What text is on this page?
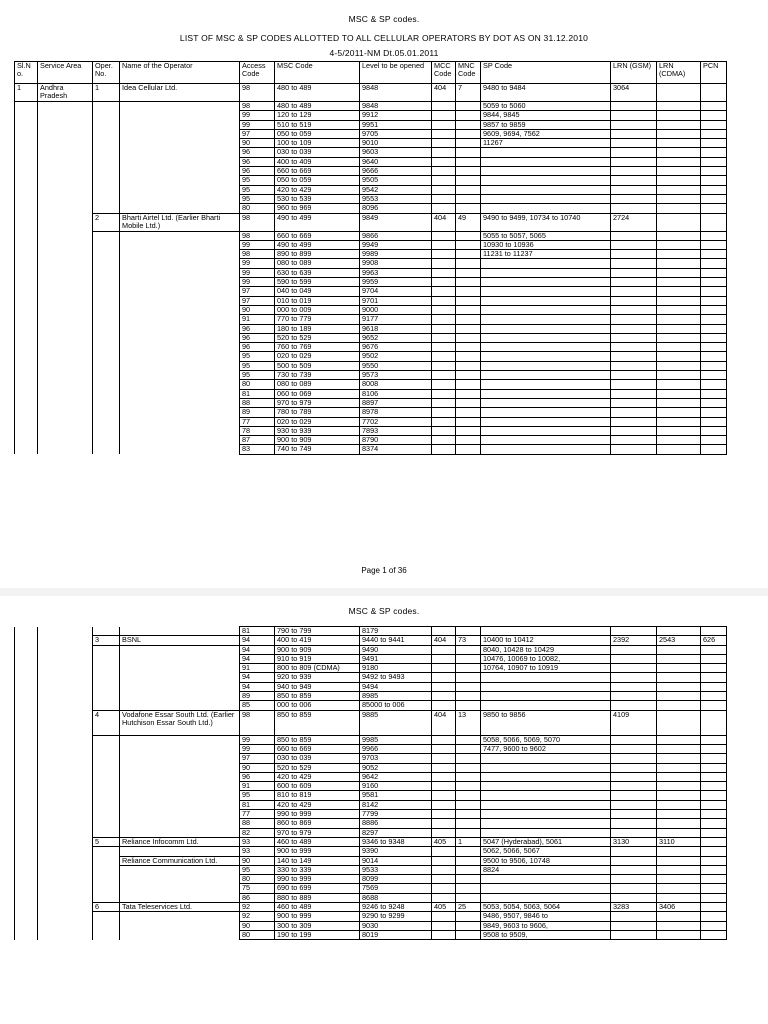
MSC & SP codes.
LIST OF MSC & SP CODES ALLOTTED TO ALL CELLULAR OPERATORS BY DOT AS ON 31.12.2010
4-5/2011-NM Dt.05.01.2011
Sl.N o.	Service Area	Oper. No.	Name of the Operator	Access Code	MSC Code	Level to be opened	MCC Code	MNC Code	SP Code	LRN (GSM)	LRN (CDMA)	PCN
1	Andhra Pradesh	1	Idea Cellular Ltd.	98	480 to 489	9848	404	7	9480 to 9484	3064		
				98	480 to 489	9848			5059 to 5060			
				99	120 to 129	9912			9844, 9845			
				99	510 to 519	9951			9857 to 9859			
				97	050 to 059	9705			9609, 9694, 7562			
				90	100 to 109	9010			11267			
				96	030 to 039	9603						
				96	400 to 409	9640						
				96	660 to 669	9666						
				95	050 to 059	9505						
				95	420 to 429	9542						
				95	530 to 539	9553						
				80	960 to 969	8096						
		2	Bharti Airtel Ltd. (Earlier Bharti Mobile Ltd.)	98	490 to 499	9849	404	49	9490 to 9499, 10734 to 10740	2724		
				98	660 to 669	9866			5055 to 5057, 5065			
				99	490 to 499	9949			10930 to 10936			
				98	890 to 899	9989			11231 to 11237			
				99	080 to 089	9908						
				99	630 to 639	9963						
				99	590 to 599	9959						
				97	040 to 049	9704						
				97	010 to 019	9701						
				90	000 to 009	9000						
				91	770 to 779	9177						
				96	180 to 189	9618						
				96	520 to 529	9652						
				96	760 to 769	9676						
				95	020 to 029	9502						
				95	500 to 509	9550						
				95	730 to 739	9573						
				80	080 to 089	8008						
				81	060 to 069	8106						
				88	970 to 979	8897						
				89	780 to 789	8978						
				77	020 to 029	7702						
				78	930 to 939	7893						
				87	900 to 909	8790						
				83	740 to 749	8374						
Page 1 of 36
MSC & SP codes.
				81	790 to 799	8179						
		3	BSNL	94	400 to 419	9440 to 9441	404	73	10400 to 10412	2392	2543	626
				94	900 to 909	9490			8040, 10428 to 10429			
				94	910 to 919	9491			10476, 10069 to 10082,			
				91	800 to 809 (CDMA)	9180			10764, 10907 to 10919			
				94	920 to 939	9492 to 9493						
				94	940 to 949	9494						
				89	850 to 859	8985						
				85	000 to 006	85000 to 006						
		4	Vodafone Essar South Ltd. (Earlier Hutchison Essar South Ltd.)	98	850 to 859	9885	404	13	9850 to 9856	4109		
				99	850 to 859	9985			5058, 5066, 5069, 5070			
				99	660 to 669	9966			7477, 9600 to 9602			
				97	030 to 039	9703						
				90	520 to 529	9052						
				96	420 to 429	9642						
				91	600 to 609	9160						
				95	810 to 819	9581						
				81	420 to 429	8142						
				77	990 to 999	7799						
				88	860 to 869	8886						
				82	970 to 979	8297						
		5	Reliance Infocomm Ltd.	93	460 to 489	9346 to 9348	405	1	5047 (Hyderabad), 5061	3130	3110	
				93	900 to 999	9390			5062, 5066, 5067			
			Reliance Communication Ltd.	90	140 to 149	9014			9500 to 9506, 10748			
				95	330 to 339	9533			8824			
				80	990 to 999	8099						
				75	690 to 699	7569						
				86	880 to 889	8688						
		6	Tata Teleservices Ltd.	92	460 to 489	9246 to 9248	405	25	5053, 5054, 5063, 5064	3283	3406	
				92	900 to 999	9290 to 9299			9486, 9507, 9846 to			
				90	300 to 309	9030			9849, 9603 to 9606,			
				80	190 to 199	8019			9508 to 9509,			
